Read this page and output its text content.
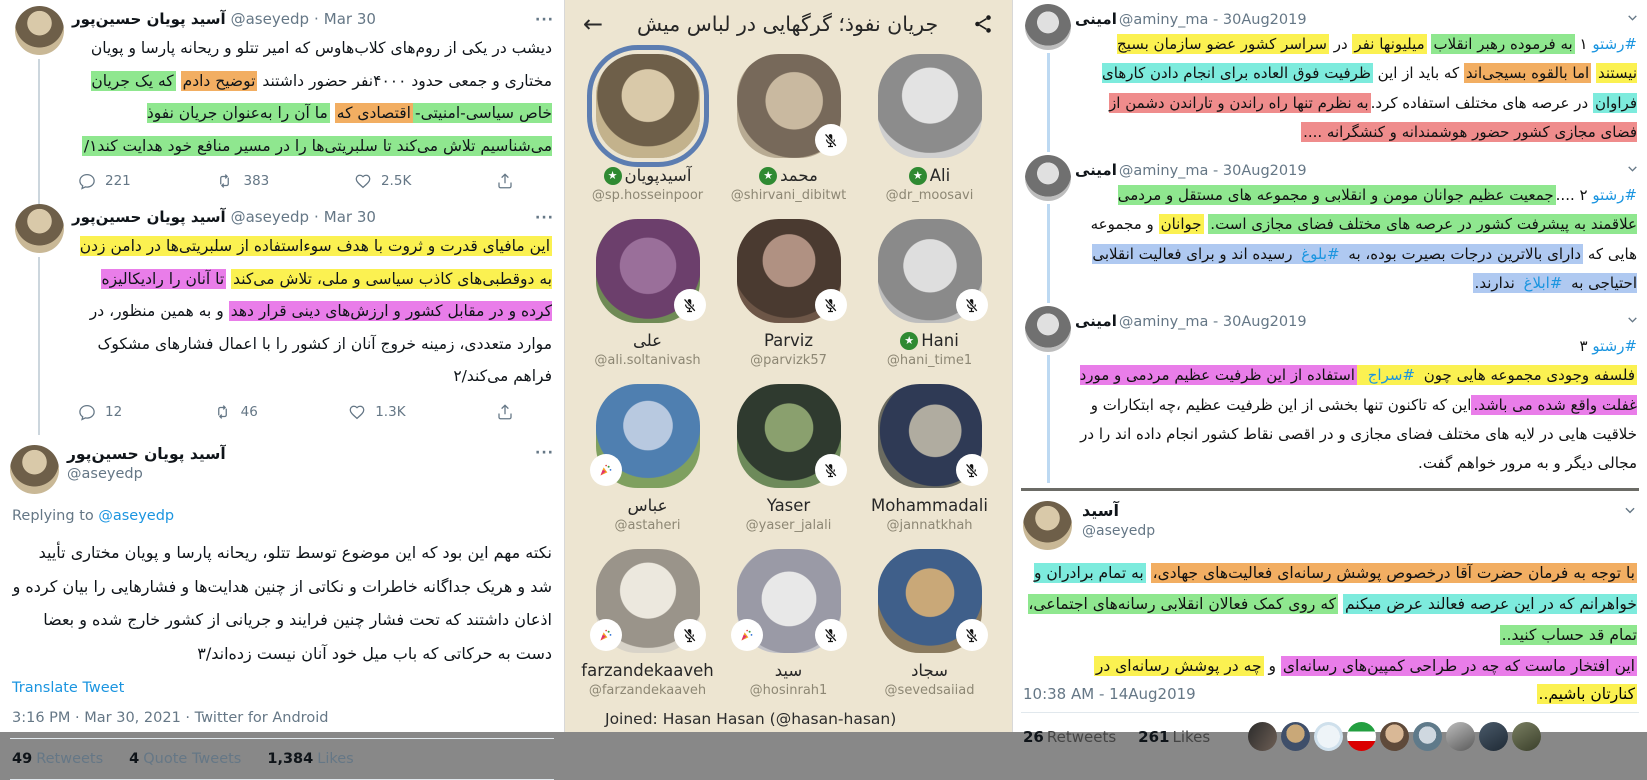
آسید پویان حسین‌پور @aseyedp · Mar 30	···
دیشب در یکی از روم‌های کلاب‌هاوس که امیر تتلو و ریحانه پارسا و پویان مختاری و جمعی حدود ۴۰۰۰نفر حضور داشتند توضیح دادم که یک جریان خاص سیاسی-امنیتی-اقتصادی که ما آن را به‌عنوان جریان نفوذ می‌شناسیم تلاش می‌کند تا سلبریتی‌ها را در مسیر منافع خود هدایت کند۱/
221	383	2.5K
آسید پویان حسین‌پور @aseyedp · Mar 30	···
این مافیای قدرت و ثروت با هدف سوءاستفاده از سلبریتی‌ها در دامن زدن به دوقطبی‌های کاذب سیاسی و ملی، تلاش می‌کند تا آنان را رادیکالیزه کرده و در مقابل کشور و ارزش‌های دینی قرار دهد و به همین منظور، در موارد متعددی، زمینه خروج آنان از کشور را با اعمال فشارهای مشکوک فراهم می‌کند/۲
12	46	1.3K
آسید پویان حسین‌پور
@aseyedp
···
Replying to @aseyedp
نکته مهم این بود که این موضوع توسط تتلو، ریحانه پارسا و پویان مختاری تأیید شد و هریک جداگانه خاطرات و نکاتی از چنین هدایت‌ها و فشارهایی را بیان کرده و اذعان داشتند که تحت فشار چنین فرایند و جریانی از کشور خارج شده و بعضا دست به حرکاتی که باب میل خود آنان نیست زده‌اند/۳
Translate Tweet
3:16 PM · Mar 30, 2021 · Twitter for Android
49 Retweets 4 Quote Tweets 1,384 Likes
←	جریان نفوذ؛ گرگهایی در لباس میش
★ آسیدپویان
@sp.hosseinpoor
★ محمد
@shirvani_dibitwt
★ Ali
@dr_moosavi
علی
@ali.soltanivash
Parviz
@parvizk57
★ Hani
@hani_time1
عباس
@astaheri
Yaser
@yaser_jalali
Mohammadali
@jannatkhah
farzandekaaveh
@farzandekaaveh
سید
@hosinrah1
سجاد
@sevedsaiiad
Joined: Hasan Hasan (@hasan-hasan)
امینی @aminy_ma - 30Aug2019
#رشتو ۱ به فرموده رهبر انقلاب میلیونها نفر در سراسر کشور عضو سازمان بسیج نیستند اما بالقوه بسیجی‌اند که باید از این ظرفیت فوق العاده برای انجام دادن کارهای فراوان در عرصه های مختلف استفاده کرد.به نظرم تنها راه راندن و تاراندن دشمن از فضای مجازی کشور حضور هوشمندانه و کنشگرانه ....
امینی @aminy_ma - 30Aug2019
#رشتو ۲ ....جمعیت عظیم جوانان مومن و انقلابی و مجموعه های مستقل و مردمی علاقمند به پیشرفت کشور در عرصه های مختلف فضای مجازی است. جوانان و مجموعه هایی که دارای بالاترین درجات بصیرت بوده، به #بلوغ رسیده اند و برای فعالیت انقلابی احتیاجی به #ابلاغ ندارند.
امینی @aminy_ma - 30Aug2019
#رشتو ۳
فلسفه وجودی مجموعه هایی چون #سراج استفاده از این ظرفیت عظیم مردمی و مورد غفلت واقع شده می باشد.این که تاکنون تنها بخشی از این ظرفیت عظیم ،چه ابتکارات و خلاقیت هایی در لایه های مختلف فضای مجازی و در اقصی نقاط کشور انجام داده اند را در مجالی دیگر و به مرور خواهم گفت.
آسید
@aseyedp
با توجه به فرمان حضرت آقا درخصوص پوشش رسانه‌ای فعالیت‌های جهادی، به تمام برادران و خواهرانم که در این عرصه فعالند عرض میکنم که روی کمک فعالان انقلابی رسانه‌های اجتماعی، تمام قد حساب کنید..
این افتخار ماست که چه در طراحی کمپین‌های رسانه‌ای و چه در پوشش رسانه‌ای در
10:38 AM - 14Aug2019	کنارتان باشیم..
26 Retweets 261 Likes
